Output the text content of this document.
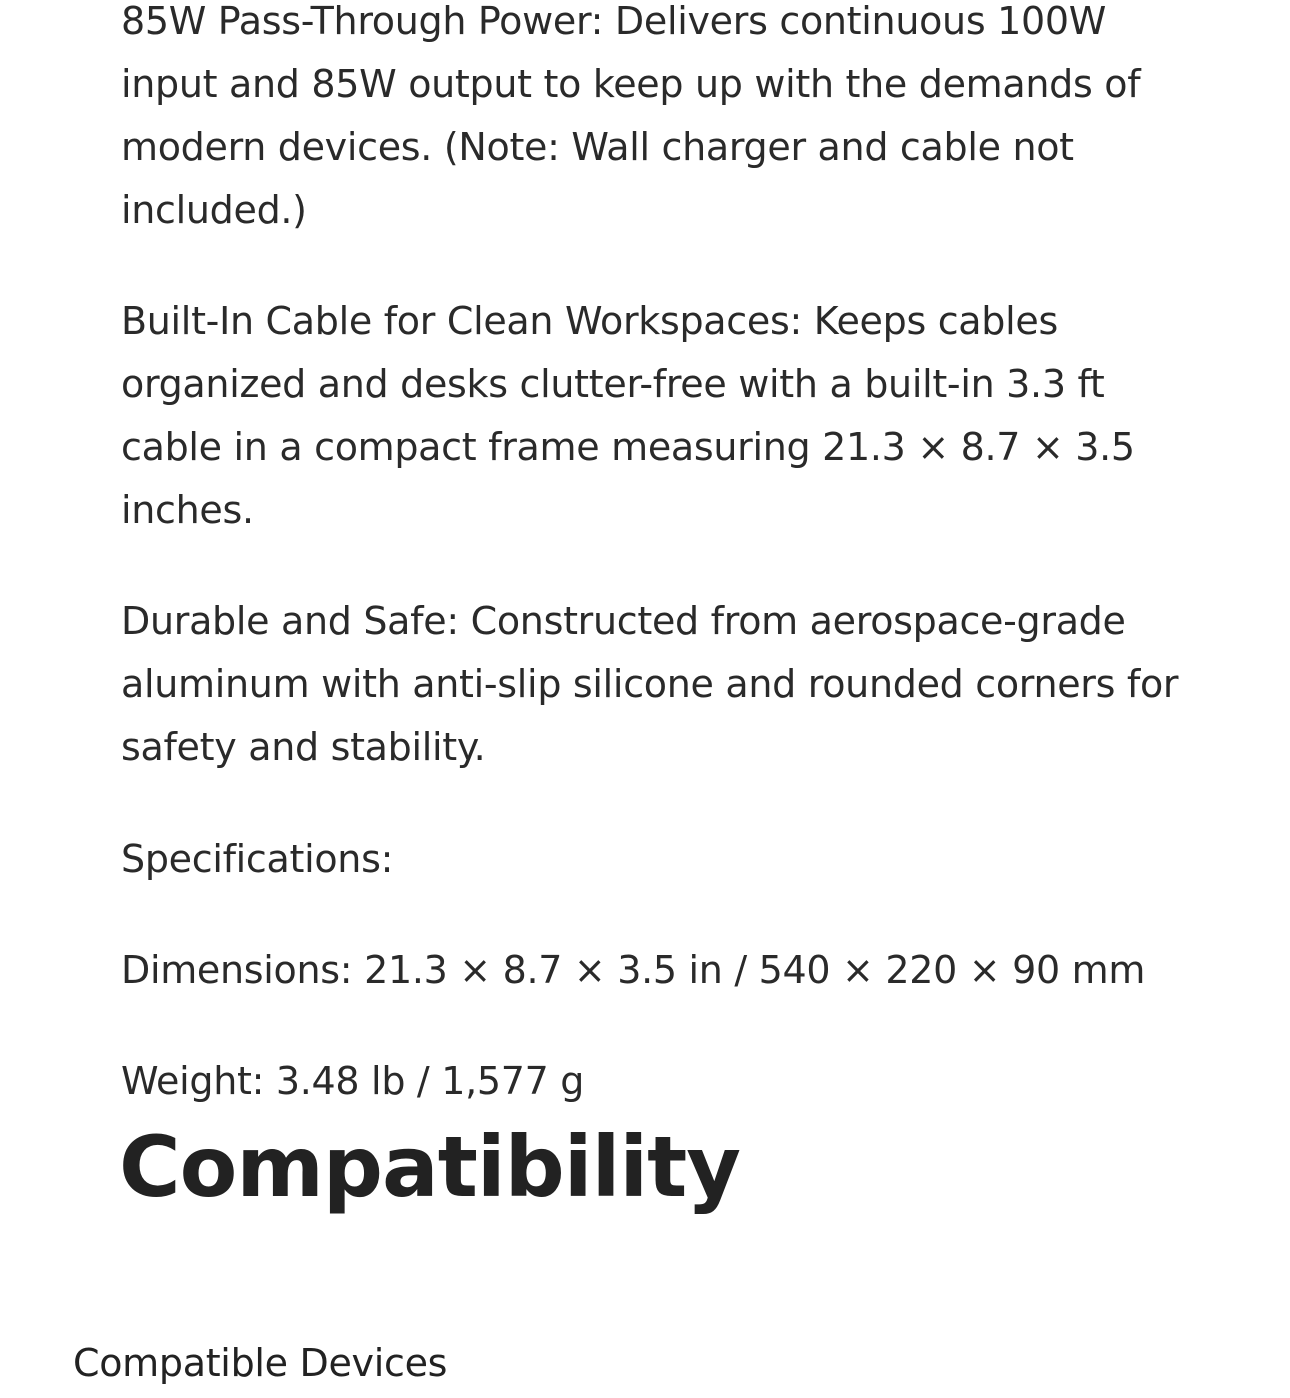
85W Pass-Through Power: Delivers continuous 100W input and 85W output to keep up with the demands of modern devices. (Note: Wall charger and cable not included.)

Built-In Cable for Clean Workspaces: Keeps cables organized and desks clutter-free with a built-in 3.3 ft cable in a compact frame measuring 21.3 × 8.7 × 3.5 inches.

Durable and Safe: Constructed from aerospace-grade aluminum with anti-slip silicone and rounded corners for safety and stability.

Specifications:

Dimensions: 21.3 × 8.7 × 3.5 in / 540 × 220 × 90 mm

Weight: 3.48 lb / 1,577 g

Compatibility
Compatible Devices
